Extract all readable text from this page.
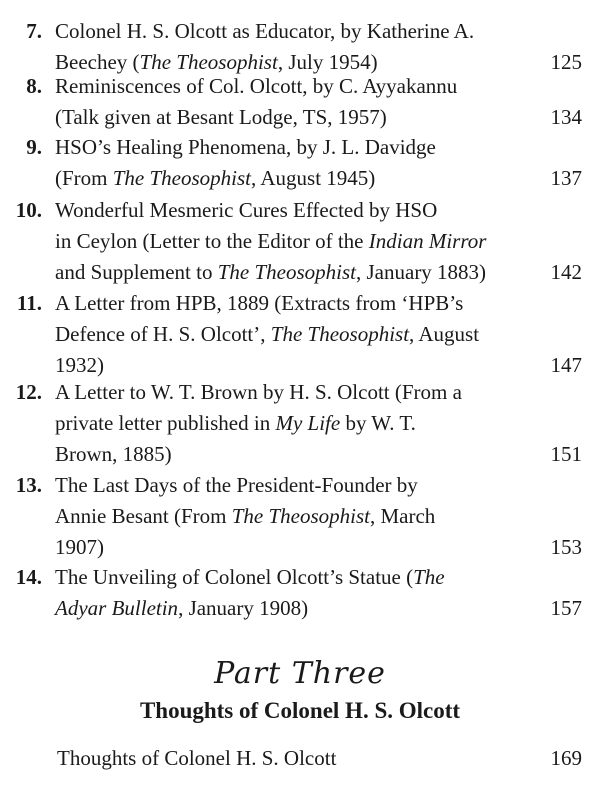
7. Colonel H. S. Olcott as Educator, by Katherine A.
Beechey (The Theosophist, July 1954)	125
8. Reminiscences of Col. Olcott, by C. Ayyakannu
(Talk given at Besant Lodge, TS, 1957)	134
9. HSO’s Healing Phenomena, by J. L. Davidge
(From The Theosophist, August 1945)	137
10. Wonderful Mesmeric Cures Effected by HSO
in Ceylon (Letter to the Editor of the Indian Mirror
and Supplement to The Theosophist, January 1883)	142
11. A Letter from HPB, 1889 (Extracts from ‘HPB’s
Defence of H. S. Olcott’, The Theosophist, August
1932)	147
12. A Letter to W. T. Brown by H. S. Olcott (From a
private letter published in My Life by W. T.
Brown, 1885)	151
13. The Last Days of the President-Founder by
Annie Besant (From The Theosophist, March
1907)	153
14. The Unveiling of Colonel Olcott’s Statue (The
Adyar Bulletin, January 1908)	157
Part Three
Thoughts of Colonel H. S. Olcott
Thoughts of Colonel H. S. Olcott	169
